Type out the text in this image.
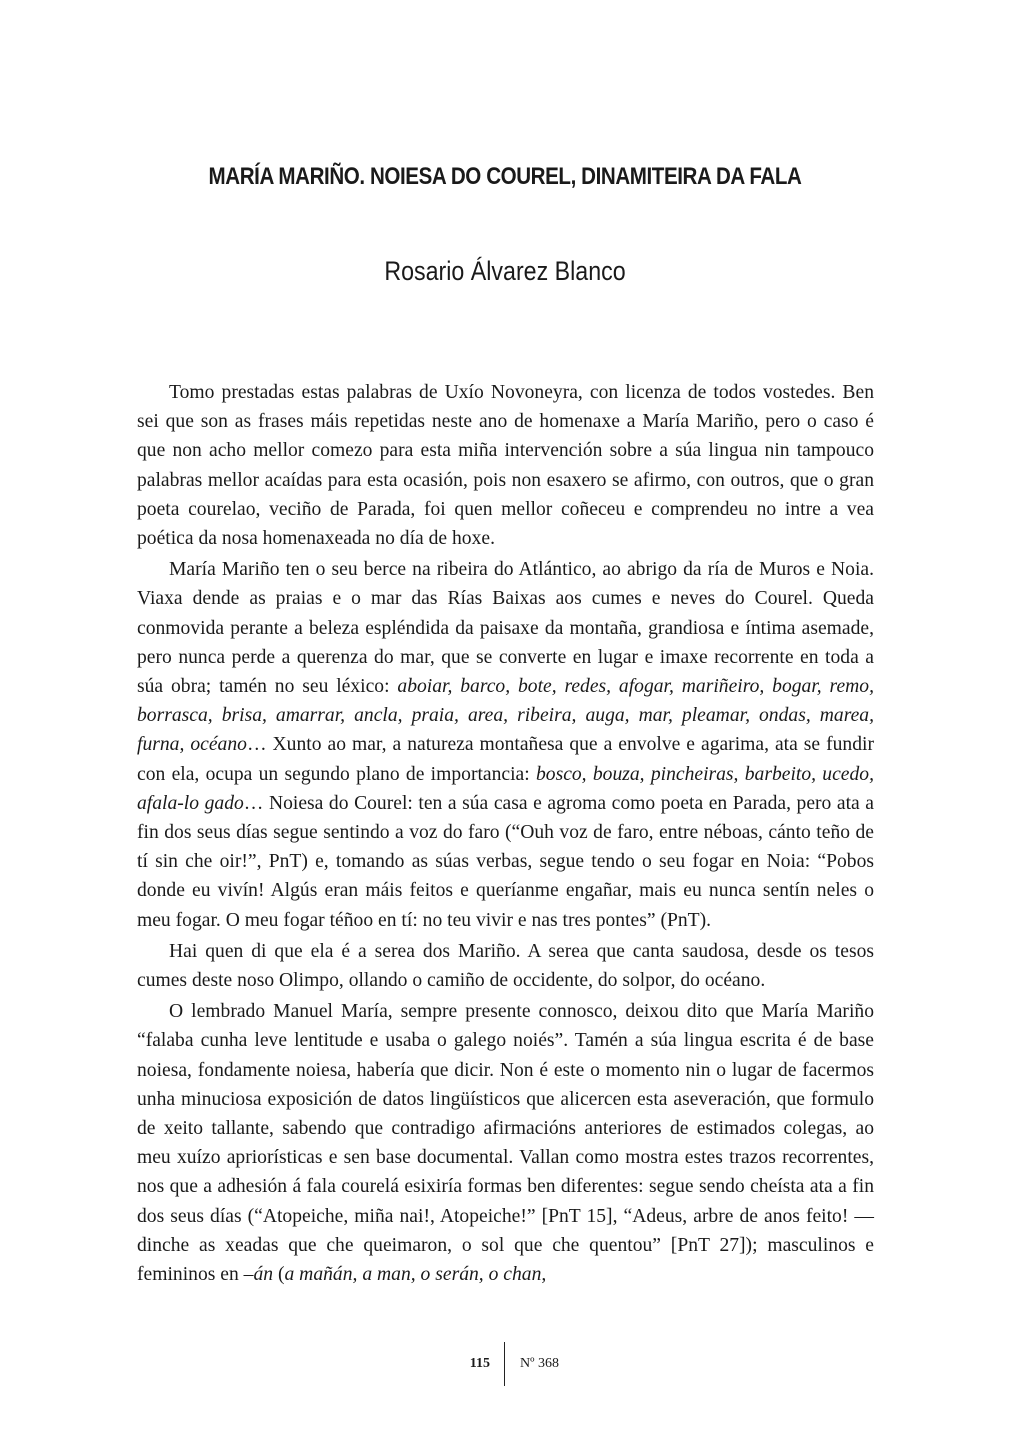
MARÍA MARIÑO. NOIESA DO COUREL, DINAMITEIRA DA FALA
Rosario Álvarez Blanco

Tomo prestadas estas palabras de Uxío Novoneyra, con licenza de todos vostedes. Ben sei que son as frases máis repetidas neste ano de homenaxe a María Mariño, pero o caso é que non acho mellor comezo para esta miña intervención sobre a súa lingua nin tampouco palabras mellor acaídas para esta ocasión, pois non esaxero se afirmo, con outros, que o gran poeta courelao, veciño de Parada, foi quen mellor coñeceu e comprendeu no intre a vea poética da nosa homenaxeada no día de hoxe.

María Mariño ten o seu berce na ribeira do Atlántico, ao abrigo da ría de Muros e Noia. Viaxa dende as praias e o mar das Rías Baixas aos cumes e neves do Courel. Queda conmovida perante a beleza espléndida da paisaxe da montaña, grandiosa e íntima asemade, pero nunca perde a querenza do mar, que se converte en lugar e imaxe recorrente en toda a súa obra; tamén no seu léxico: aboiar, barco, bote, redes, afogar, mariñeiro, bogar, remo, borrasca, brisa, amarrar, ancla, praia, area, ribeira, auga, mar, pleamar, ondas, marea, furna, océano… Xunto ao mar, a natureza montañesa que a envolve e agarima, ata se fundir con ela, ocupa un segundo plano de importancia: bosco, bouza, pincheiras, barbeito, ucedo, afala-lo gado… Noiesa do Courel: ten a súa casa e agroma como poeta en Parada, pero ata a fin dos seus días segue sentindo a voz do faro (“Ouh voz de faro, entre néboas, cánto teño de tí sin che oir!”, PnT) e, tomando as súas verbas, segue tendo o seu fogar en Noia: “Pobos donde eu vivín! Algús eran máis feitos e queríanme engañar, mais eu nunca sentín neles o meu fogar. O meu fogar téñoo en tí: no teu vivir e nas tres pontes” (PnT).

Hai quen di que ela é a serea dos Mariño. A serea que canta saudosa, desde os tesos cumes deste noso Olimpo, ollando o camiño de occidente, do solpor, do océano.

O lembrado Manuel María, sempre presente connosco, deixou dito que María Mariño “falaba cunha leve lentitude e usaba o galego noiés”. Tamén a súa lingua escrita é de base noiesa, fondamente noiesa, habería que dicir. Non é este o momento nin o lugar de facermos unha minuciosa exposición de datos lingüísticos que alicercen esta aseveración, que formulo de xeito tallante, sabendo que contradigo afirmacións anteriores de estimados colegas, ao meu xuízo apriorísticas e sen base documental. Vallan como mostra estes trazos recorrentes, nos que a adhesión á fala courelá esixiría formas ben diferentes: segue sendo cheísta ata a fin dos seus días (“Atopeiche, miña nai!, Atopeiche!” [PnT 15], “Adeus, arbre de anos feito! —dinche as xeadas que che queimaron, o sol que che quentou” [PnT 27]); masculinos e femininos en –án (a mañán, a man, o serán, o chan,

115 Nº 368
